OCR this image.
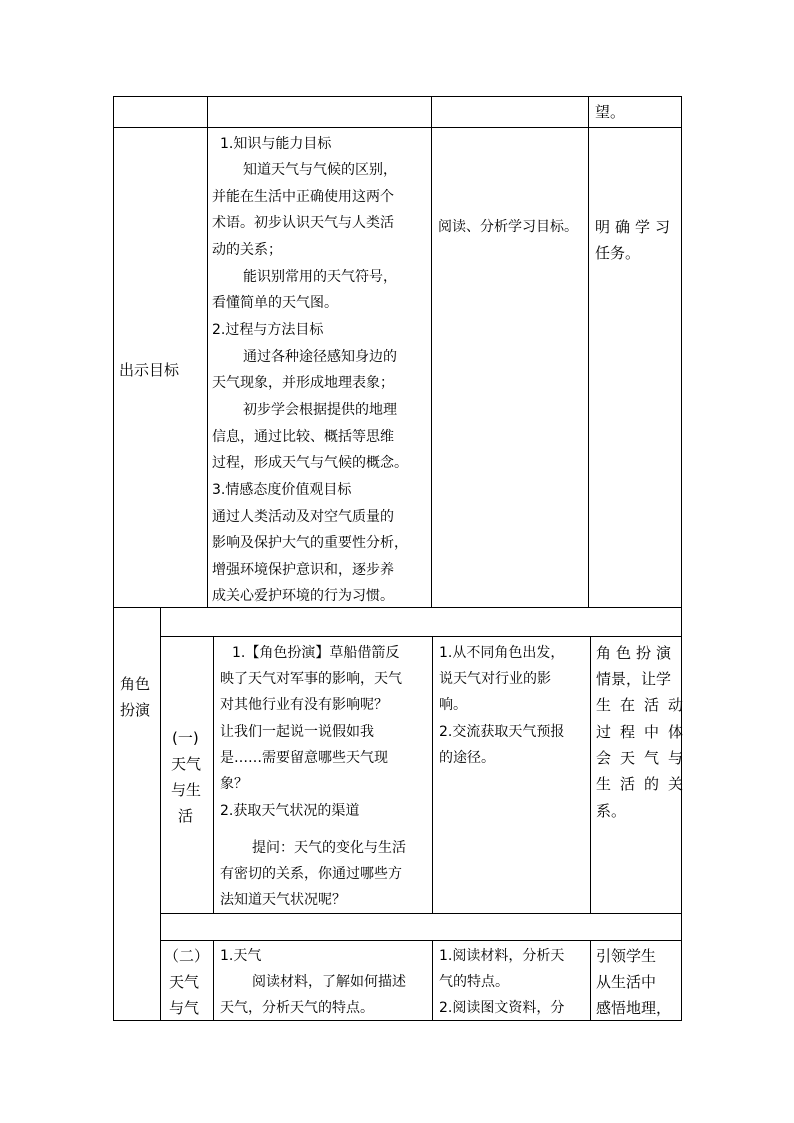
望。
出示目标
1.知识与能力目标
知道天气与气候的区别，
并能在生活中正确使用这两个
术语。初步认识天气与人类活
动的关系；
能识别常用的天气符号，
看懂简单的天气图。
2.过程与方法目标
通过各种途径感知身边的
天气现象，并形成地理表象；
初步学会根据提供的地理
信息，通过比较、概括等思维
过程，形成天气与气候的概念。
3.情感态度价值观目标
通过人类活动及对空气质量的
影响及保护大气的重要性分析，
增强环境保护意识和，逐步养
成关心爱护环境的行为习惯。
阅读、分析学习目标。 明确学习
任务。
角色
扮演
(一)
天气
与生
活
1.【角色扮演】草船借箭反
映了天气对军事的影响，天气
对其他行业有没有影响呢？
让我们一起说一说假如我
是……需要留意哪些天气现
象？
2.获取天气状况的渠道
提问：天气的变化与生活
有密切的关系，你通过哪些方
法知道天气状况呢？
1.从不同角色出发，
说天气对行业的影
响。
2.交流获取天气预报
的途径。
角色扮演
情景，让学
生在活动
过程中体
会天气与
生活的关
系。
（二）
天气
与气
1.天气
阅读材料，了解如何描述
天气，分析天气的特点。
1.阅读材料，分析天
气的特点。
2.阅读图文资料，分
引领学生
从生活中
感悟地理，
